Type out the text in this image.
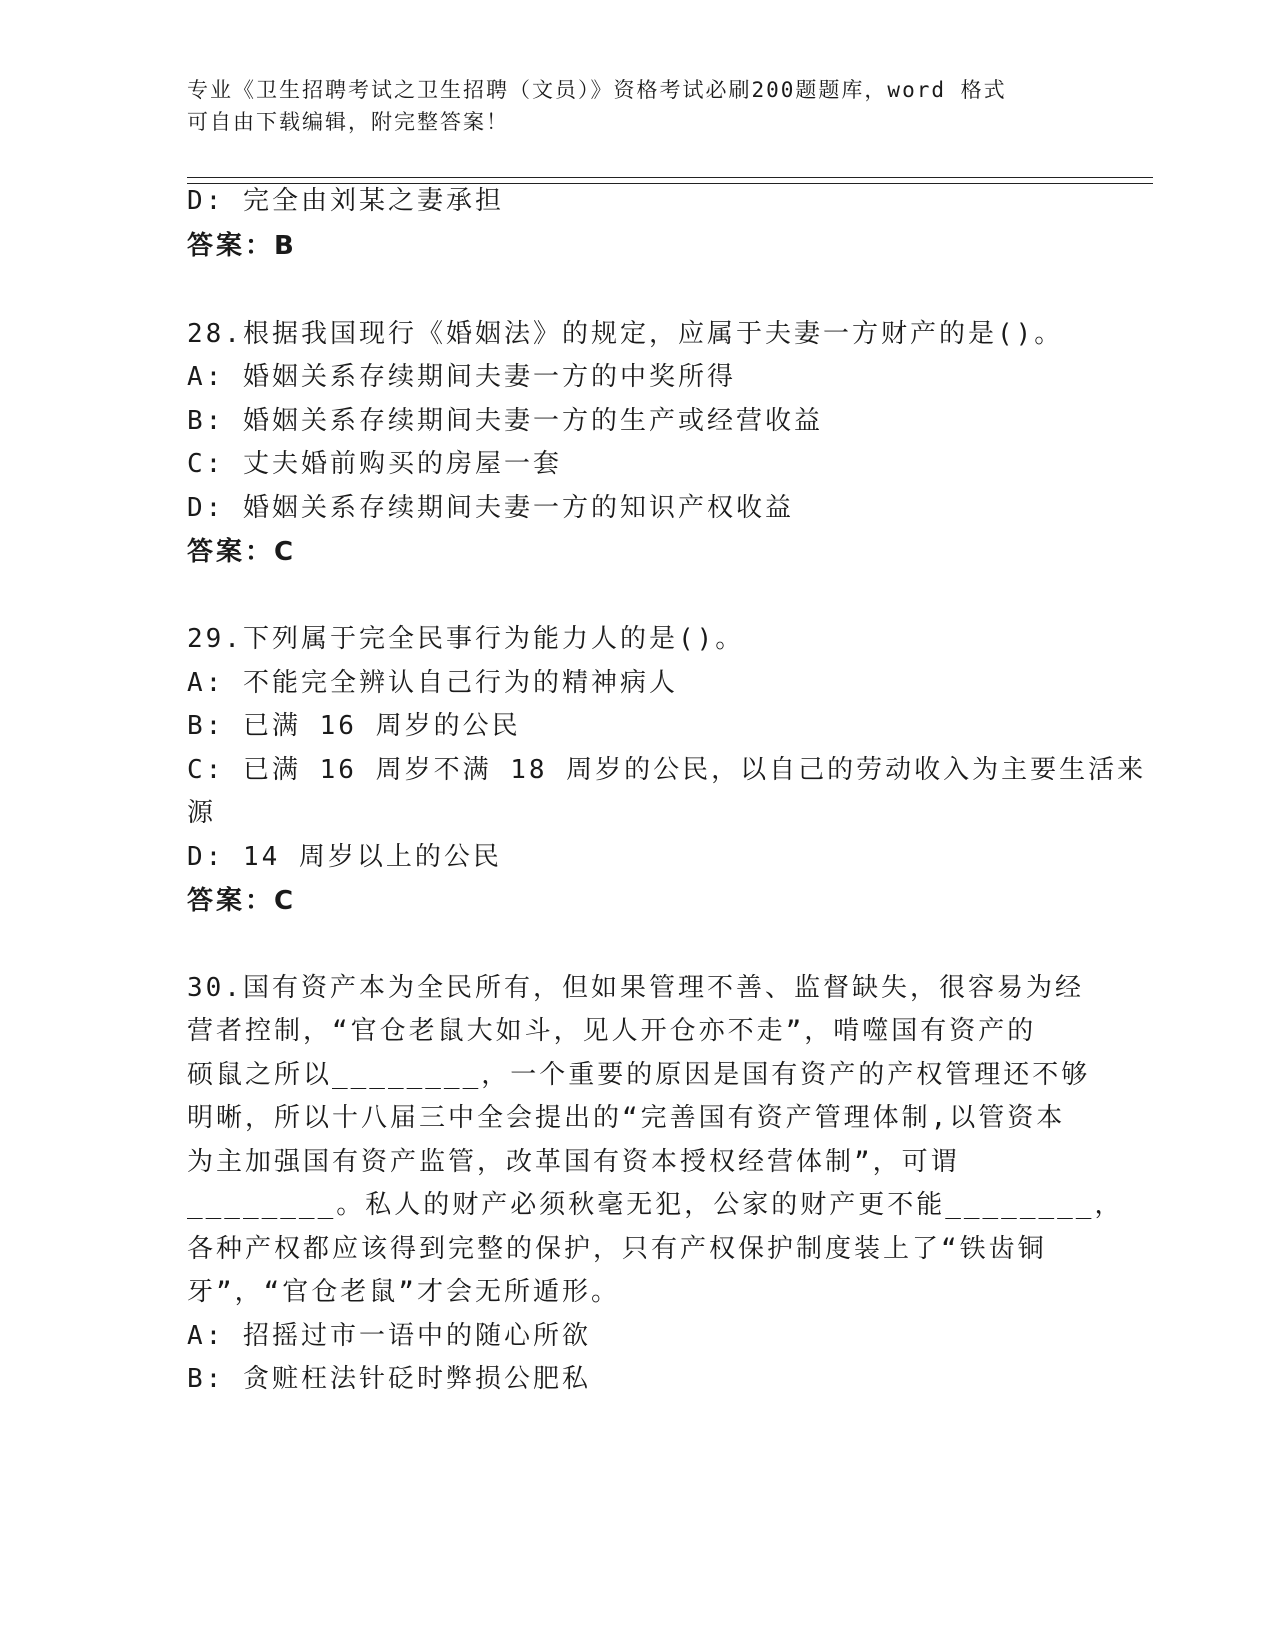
专业《卫生招聘考试之卫生招聘（文员）》资格考试必刷200题题库，word 格式
可自由下载编辑，附完整答案！
D: 完全由刘某之妻承担
答案：B
28.根据我国现行《婚姻法》的规定，应属于夫妻一方财产的是()。
A: 婚姻关系存续期间夫妻一方的中奖所得
B: 婚姻关系存续期间夫妻一方的生产或经营收益
C: 丈夫婚前购买的房屋一套
D: 婚姻关系存续期间夫妻一方的知识产权收益
答案：C
29.下列属于完全民事行为能力人的是()。
A: 不能完全辨认自己行为的精神病人
B: 已满 16 周岁的公民
C: 已满 16 周岁不满 18 周岁的公民，以自己的劳动收入为主要生活来
源
D: 14 周岁以上的公民
答案：C
30.国有资产本为全民所有，但如果管理不善、监督缺失，很容易为经
营者控制，“官仓老鼠大如斗，见人开仓亦不走”，啃噬国有资产的
硕鼠之所以________，一个重要的原因是国有资产的产权管理还不够
明晰，所以十八届三中全会提出的“完善国有资产管理体制,以管资本
为主加强国有资产监管，改革国有资本授权经营体制”，可谓
________。私人的财产必须秋毫无犯，公家的财产更不能________，
各种产权都应该得到完整的保护，只有产权保护制度装上了“铁齿铜
牙”，“官仓老鼠”才会无所遁形。
A: 招摇过市一语中的随心所欲
B: 贪赃枉法针砭时弊损公肥私
